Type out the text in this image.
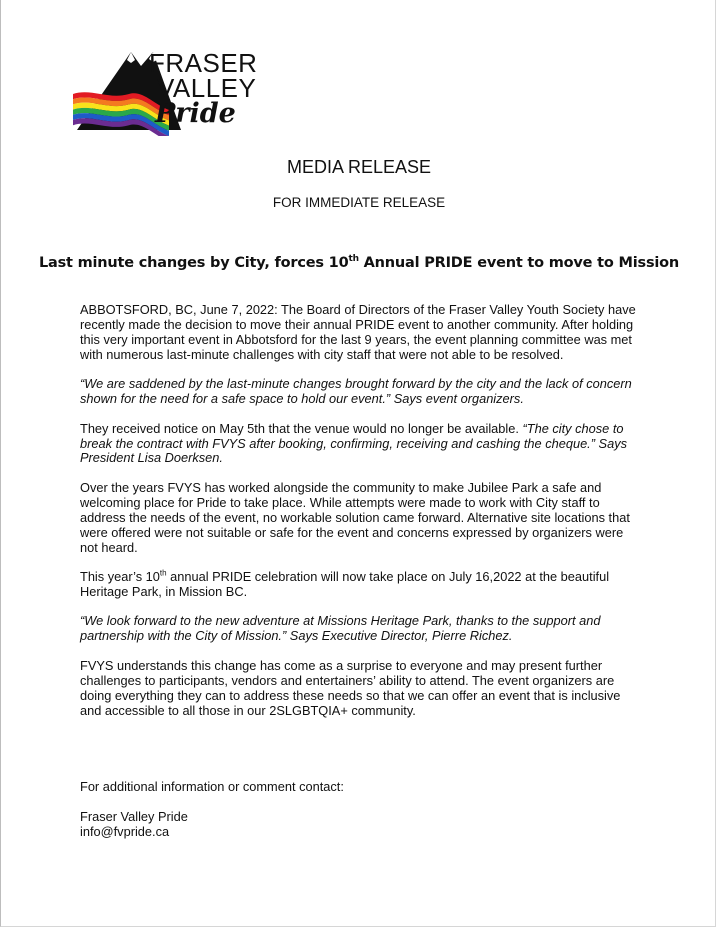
FRASER
VALLEY
Pride
MEDIA RELEASE
FOR IMMEDIATE RELEASE
Last minute changes by City, forces 10th Annual PRIDE event to move to Mission

ABBOTSFORD, BC, June 7, 2022: The Board of Directors of the Fraser Valley Youth Society have recently made the decision to move their annual PRIDE event to another community. After holding this very important event in Abbotsford for the last 9 years, the event planning committee was met with numerous last-minute challenges with city staff that were not able to be resolved.

“We are saddened by the last-minute changes brought forward by the city and the lack of concern shown for the need for a safe space to hold our event.” Says event organizers.

They received notice on May 5th that the venue would no longer be available. “The city chose to break the contract with FVYS after booking, confirming, receiving and cashing the cheque.” Says President Lisa Doerksen.

Over the years FVYS has worked alongside the community to make Jubilee Park a safe and welcoming place for Pride to take place. While attempts were made to work with City staff to address the needs of the event, no workable solution came forward. Alternative site locations that were offered were not suitable or safe for the event and concerns expressed by organizers were not heard.

This year’s 10th annual PRIDE celebration will now take place on July 16,2022 at the beautiful Heritage Park, in Mission BC.

“We look forward to the new adventure at Missions Heritage Park, thanks to the support and partnership with the City of Mission.” Says Executive Director, Pierre Richez.

FVYS understands this change has come as a surprise to everyone and may present further challenges to participants, vendors and entertainers’ ability to attend. The event organizers are doing everything they can to address these needs so that we can offer an event that is inclusive and accessible to all those in our 2SLGBTQIA+ community.

For additional information or comment contact:
Fraser Valley Pride
info@fvpride.ca
